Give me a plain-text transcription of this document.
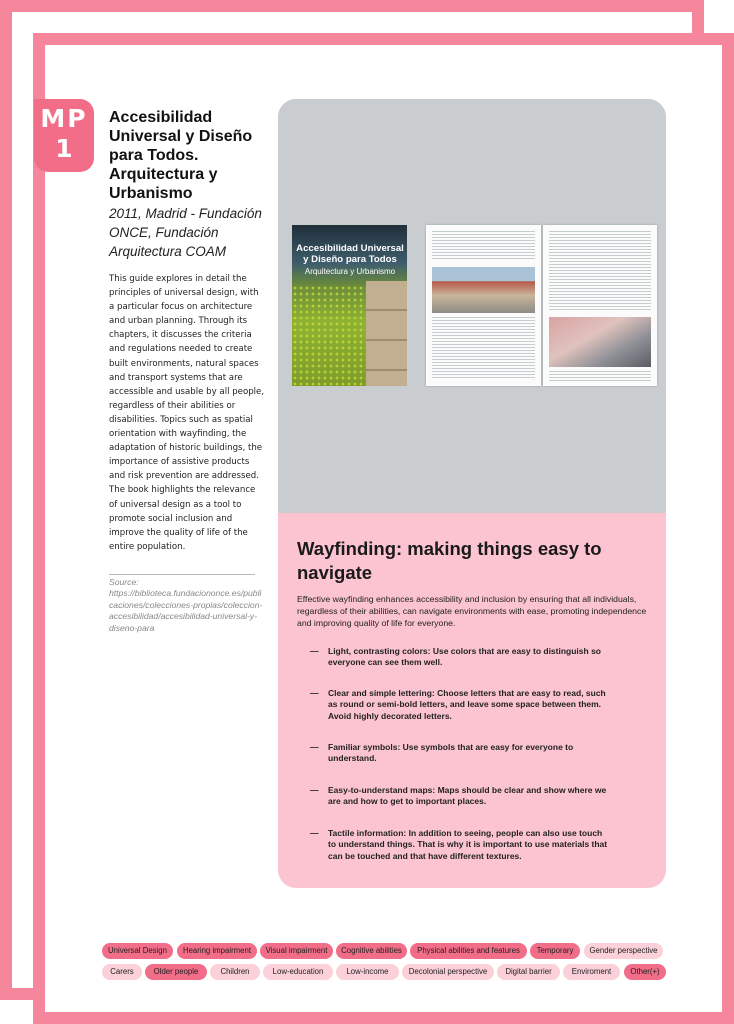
MP
1
Accesibilidad Universal y Diseño para Todos. Arquitectura y Urbanismo
2011, Madrid - Fundación ONCE, Fundación Arquitectura COAM
This guide explores in detail the principles of universal design, with a particular focus on architecture and urban planning. Through its chapters, it discusses the criteria and regulations needed to create built environments, natural spaces and transport systems that are accessible and usable by all people, regardless of their abilities or disabilities. Topics such as spatial orientation with wayfinding, the adaptation of historic buildings, the importance of assistive products and risk prevention are addressed. The book highlights the relevance of universal design as a tool to promote social inclusion and improve the quality of life of the entire population.
Source: https://biblioteca.fundaciononce.es/publicaciones/colecciones-propias/coleccion-accesibilidad/accesibilidad-universal-y-diseno-para
Accesibilidad Universal y Diseño para Todos
Arquitectura y Urbanismo
Wayfinding: making things easy to navigate
Effective wayfinding enhances accessibility and inclusion by ensuring that all individuals, regardless of their abilities, can navigate environments with ease, promoting independence and improving quality of life for everyone.
—	Light, contrasting colors: Use colors that are easy to distinguish so everyone can see them well.
—	Clear and simple lettering: Choose letters that are easy to read, such as round or semi-bold letters, and leave some space between them. Avoid highly decorated letters.
—	Familiar symbols: Use symbols that are easy for everyone to understand.
—	Easy-to-understand maps: Maps should be clear and show where we are and how to get to important places.
—	Tactile information: In addition to seeing, people can also use touch to understand things. That is why it is important to use materials that can be touched and that have different textures.
Universal Design	Hearing impairment	Visual impairment	Cognitive abilities	Physical abilities and features	Temporary	Gender perspective
Carers	Older people	Children	Low-education	Low-income	Decolonial perspective	Digital barrier	Enviroment	Other(+)
